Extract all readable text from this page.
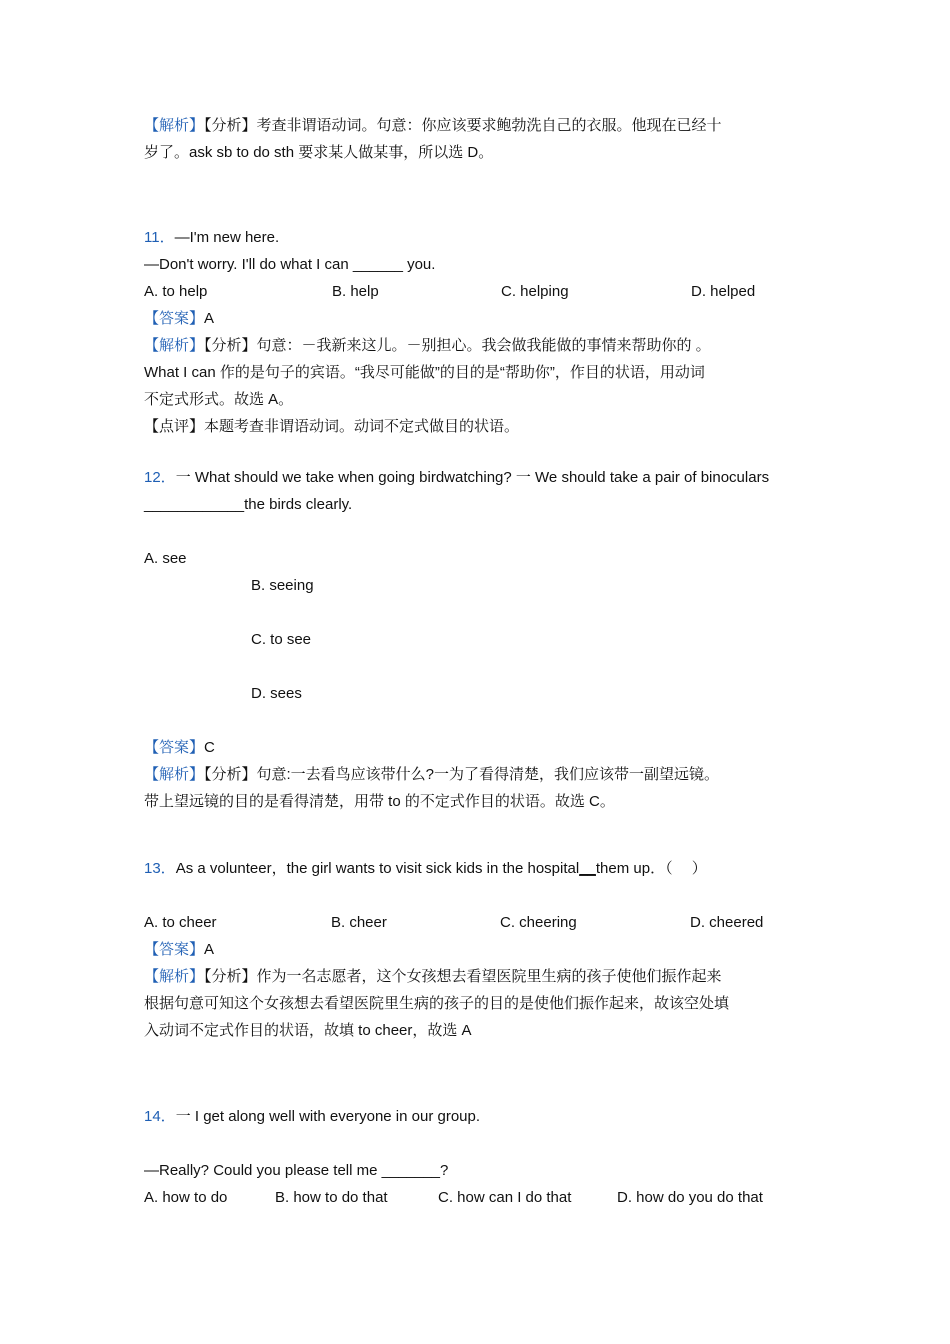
【解析】【分析】考查非谓语动词。句意：你应该要求鲍勃洗自己的衣服。他现在已经十
岁了。ask sb to do sth 要求某人做某事，所以选 D。
11．—I'm new here.
—Don't worry. I'll do what I can ______ you.
A. to help	B. help	C. helping	D. helped
【答案】A
【解析】【分析】句意：－我新来这儿。－别担心。我会做我能做的事情来帮助你的 。
What I can 作的是句子的宾语。“我尽可能做”的目的是“帮助你”，作目的状语，用动词
不定式形式。故选 A。
【点评】本题考查非谓语动词。动词不定式做目的状语。
12．一 What should we take when going birdwatching? 一 We should take a pair of binoculars
____________the birds clearly.
A. see
B. seeing
C. to see
D. sees
【答案】C
【解析】【分析】句意:一去看鸟应该带什么?一为了看得清楚，我们应该带一副望远镜。
带上望远镜的目的是看得清楚，用带 to 的不定式作目的状语。故选 C。
13．As a volunteer，the girl wants to visit sick kids in the hospital__them up．（　 ）
A. to cheer	B. cheer	C. cheering	D. cheered
【答案】A
【解析】【分析】作为一名志愿者，这个女孩想去看望医院里生病的孩子使他们振作起来
根据句意可知这个女孩想去看望医院里生病的孩子的目的是使他们振作起来，故该空处填
入动词不定式作目的状语，故填 to cheer，故选 A
14．一 I get along well with everyone in our group.
—Really? Could you please tell me _______?
A. how to do	B. how to do that	C. how can I do that	D. how do you do that
